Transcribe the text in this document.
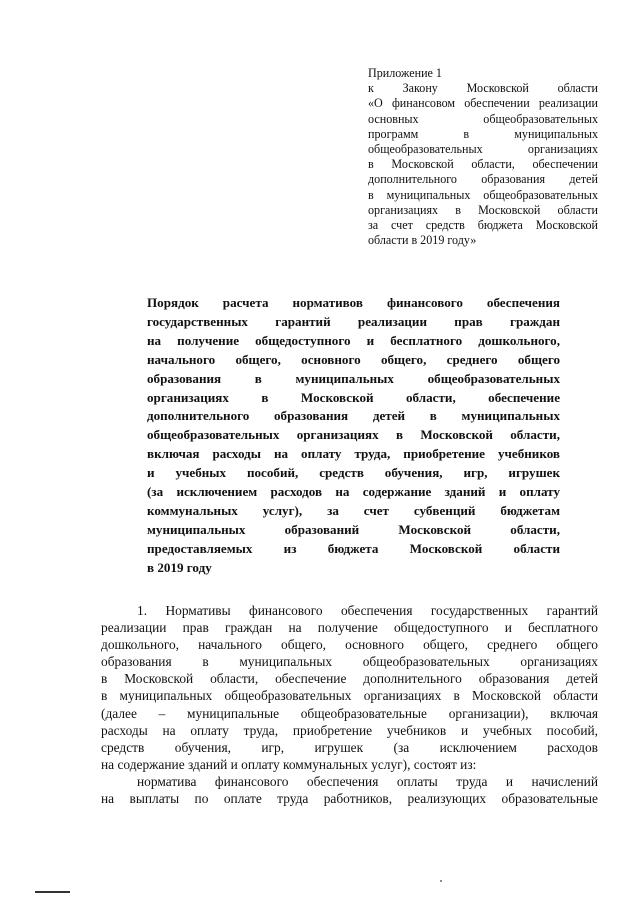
Приложение 1
к Закону Московской области
«О финансовом обеспечении реализации
основных общеобразовательных
программ в муниципальных
общеобразовательных организациях
в Московской области, обеспечении
дополнительного образования детей
в муниципальных общеобразовательных
организациях в Московской области
за счет средств бюджета Московской
области в 2019 году»
Порядок расчета нормативов финансового обеспечения
государственных гарантий реализации прав граждан
на получение общедоступного и бесплатного дошкольного,
начального общего, основного общего, среднего общего
образования в муниципальных общеобразовательных
организациях в Московской области, обеспечение
дополнительного образования детей в муниципальных
общеобразовательных организациях в Московской области,
включая расходы на оплату труда, приобретение учебников
и учебных пособий, средств обучения, игр, игрушек
(за исключением расходов на содержание зданий и оплату
коммунальных услуг), за счет субвенций бюджетам
муниципальных образований Московской области,
предоставляемых из бюджета Московской области
в 2019 году
1. Нормативы финансового обеспечения государственных гарантий
реализации прав граждан на получение общедоступного и бесплатного
дошкольного, начального общего, основного общего, среднего общего
образования в муниципальных общеобразовательных организациях
в Московской области, обеспечение дополнительного образования детей
в муниципальных общеобразовательных организациях в Московской области
(далее – муниципальные общеобразовательные организации), включая
расходы на оплату труда, приобретение учебников и учебных пособий,
средств обучения, игр, игрушек (за исключением расходов
на содержание зданий и оплату коммунальных услуг), состоят из:
норматива финансового обеспечения оплаты труда и начислений
на выплаты по оплате труда работников, реализующих образовательные
